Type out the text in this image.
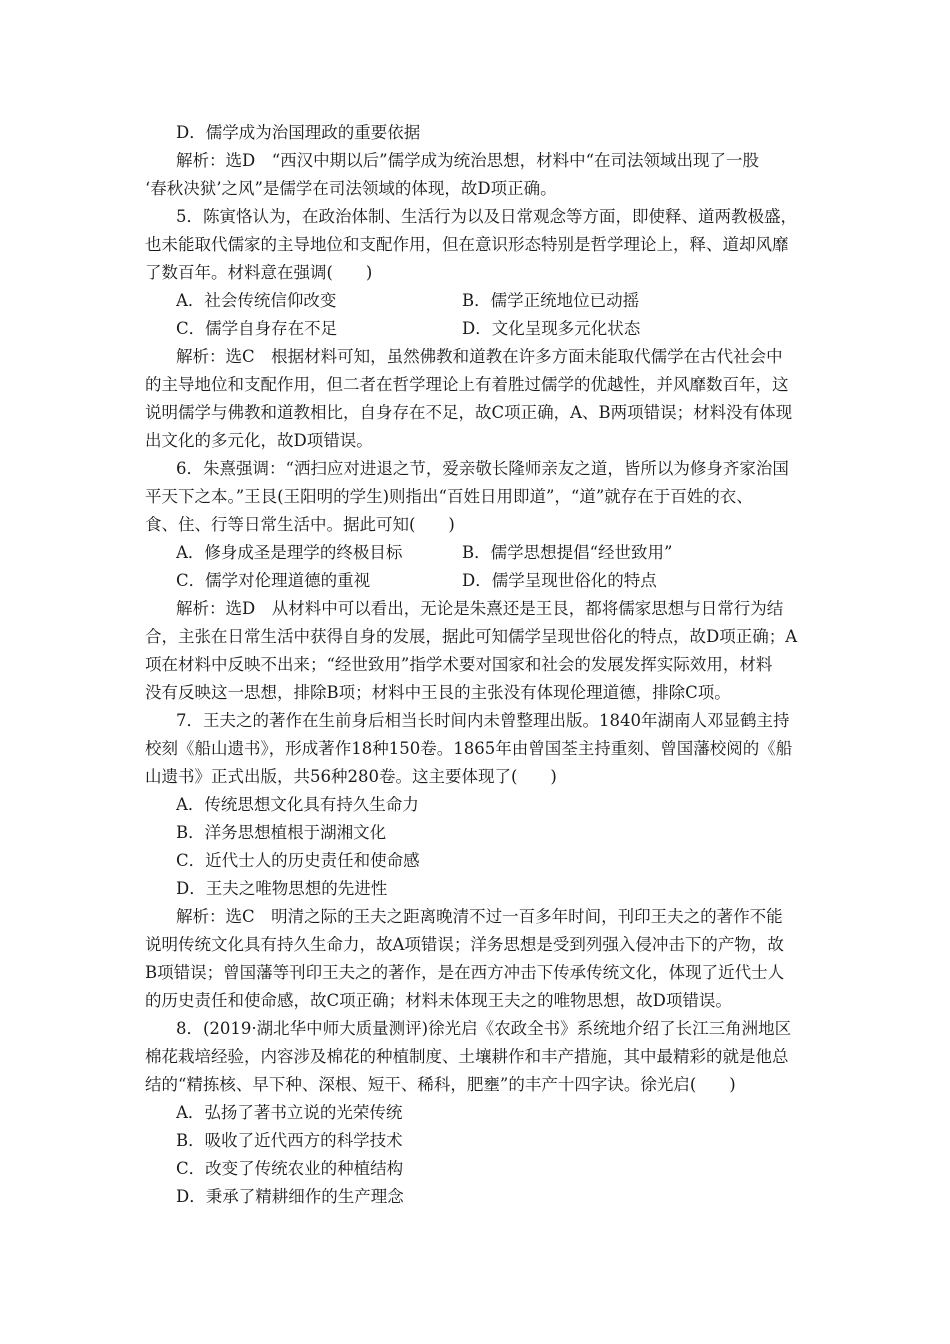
D．儒学成为治国理政的重要依据
解析：选D　“西汉中期以后”儒学成为统治思想，材料中“在司法领域出现了一股
‘春秋决狱’之风”是儒学在司法领域的体现，故D项正确。
5．陈寅恪认为，在政治体制、生活行为以及日常观念等方面，即使释、道两教极盛，
也未能取代儒家的主导地位和支配作用，但在意识形态特别是哲学理论上，释、道却风靡
了数百年。材料意在强调(　　)
A．社会传统信仰改变	B．儒学正统地位已动摇
C．儒学自身存在不足	D．文化呈现多元化状态
解析：选C　根据材料可知，虽然佛教和道教在许多方面未能取代儒学在古代社会中
的主导地位和支配作用，但二者在哲学理论上有着胜过儒学的优越性，并风靡数百年，这
说明儒学与佛教和道教相比，自身存在不足，故C项正确，A、B两项错误；材料没有体现
出文化的多元化，故D项错误。
6．朱熹强调：“洒扫应对进退之节，爱亲敬长隆师亲友之道，皆所以为修身齐家治国
平天下之本。”王艮(王阳明的学生)则指出“百姓日用即道”，“道”就存在于百姓的衣、
食、住、行等日常生活中。据此可知(　　)
A．修身成圣是理学的终极目标	B．儒学思想提倡“经世致用”
C．儒学对伦理道德的重视	D．儒学呈现世俗化的特点
解析：选D　从材料中可以看出，无论是朱熹还是王艮，都将儒家思想与日常行为结
合，主张在日常生活中获得自身的发展，据此可知儒学呈现世俗化的特点，故D项正确；A
项在材料中反映不出来；“经世致用”指学术要对国家和社会的发展发挥实际效用，材料
没有反映这一思想，排除B项；材料中王艮的主张没有体现伦理道德，排除C项。
7．王夫之的著作在生前身后相当长时间内未曾整理出版。1840年湖南人邓显鹤主持
校刻《船山遗书》，形成著作18种150卷。1865年由曾国荃主持重刻、曾国藩校阅的《船
山遗书》正式出版，共56种280卷。这主要体现了(　　)
A．传统思想文化具有持久生命力
B．洋务思想植根于湖湘文化
C．近代士人的历史责任和使命感
D．王夫之唯物思想的先进性
解析：选C　明清之际的王夫之距离晚清不过一百多年时间，刊印王夫之的著作不能
说明传统文化具有持久生命力，故A项错误；洋务思想是受到列强入侵冲击下的产物，故
B项错误；曾国藩等刊印王夫之的著作，是在西方冲击下传承传统文化，体现了近代士人
的历史责任和使命感，故C项正确；材料未体现王夫之的唯物思想，故D项错误。
8．(2019·湖北华中师大质量测评)徐光启《农政全书》系统地介绍了长江三角洲地区
棉花栽培经验，内容涉及棉花的种植制度、土壤耕作和丰产措施，其中最精彩的就是他总
结的“精拣核、早下种、深根、短干、稀科，肥壅”的丰产十四字诀。徐光启(　　)
A．弘扬了著书立说的光荣传统
B．吸收了近代西方的科学技术
C．改变了传统农业的种植结构
D．秉承了精耕细作的生产理念
